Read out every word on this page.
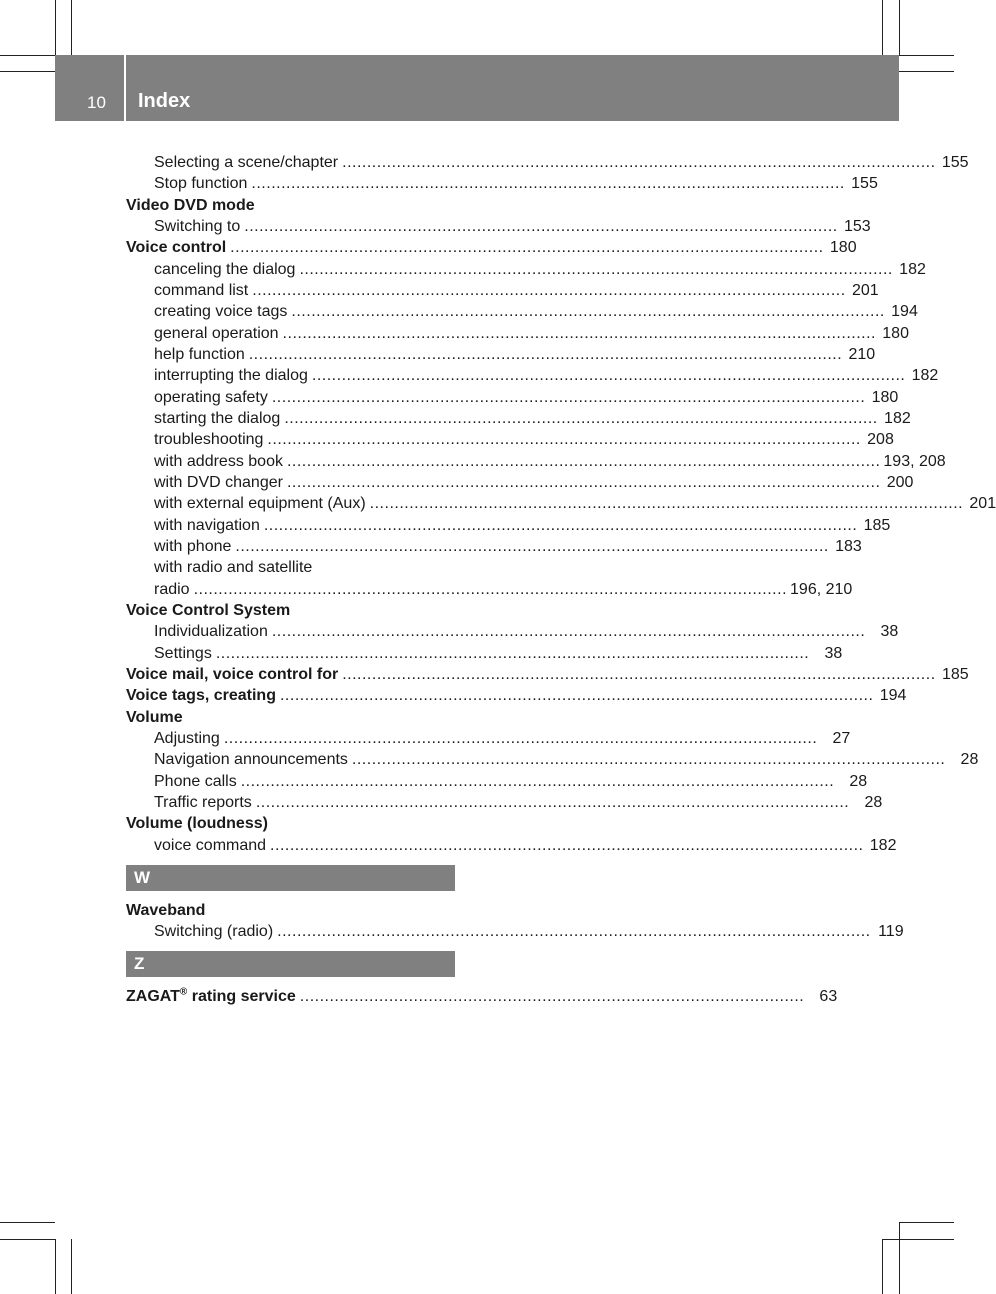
10 Index
Selecting a scene/chapter ........................................................................................................................ 155
Stop function ........................................................................................................................ 155
Video DVD mode
Switching to ........................................................................................................................ 153
Voice control ........................................................................................................................ 180
canceling the dialog ........................................................................................................................ 182
command list ........................................................................................................................ 201
creating voice tags ........................................................................................................................ 194
general operation ........................................................................................................................ 180
help function ........................................................................................................................ 210
interrupting the dialog ........................................................................................................................ 182
operating safety ........................................................................................................................ 180
starting the dialog ........................................................................................................................ 182
troubleshooting ........................................................................................................................ 208
with address book ........................................................................................................................ 193, 208
with DVD changer ........................................................................................................................ 200
with external equipment (Aux) ........................................................................................................................ 201
with navigation ........................................................................................................................ 185
with phone ........................................................................................................................ 183
with radio and satellite
radio ........................................................................................................................ 196, 210
Voice Control System
Individualization ........................................................................................................................ 38
Settings ........................................................................................................................ 38
Voice mail, voice control for ........................................................................................................................ 185
Voice tags, creating ........................................................................................................................ 194
Volume
Adjusting ........................................................................................................................ 27
Navigation announcements ........................................................................................................................ 28
Phone calls ........................................................................................................................ 28
Traffic reports ........................................................................................................................ 28
Volume (loudness)
voice command ........................................................................................................................ 182
W
Waveband
Switching (radio) ........................................................................................................................ 119
Z
ZAGAT® rating service ...................................................................................................... 63
